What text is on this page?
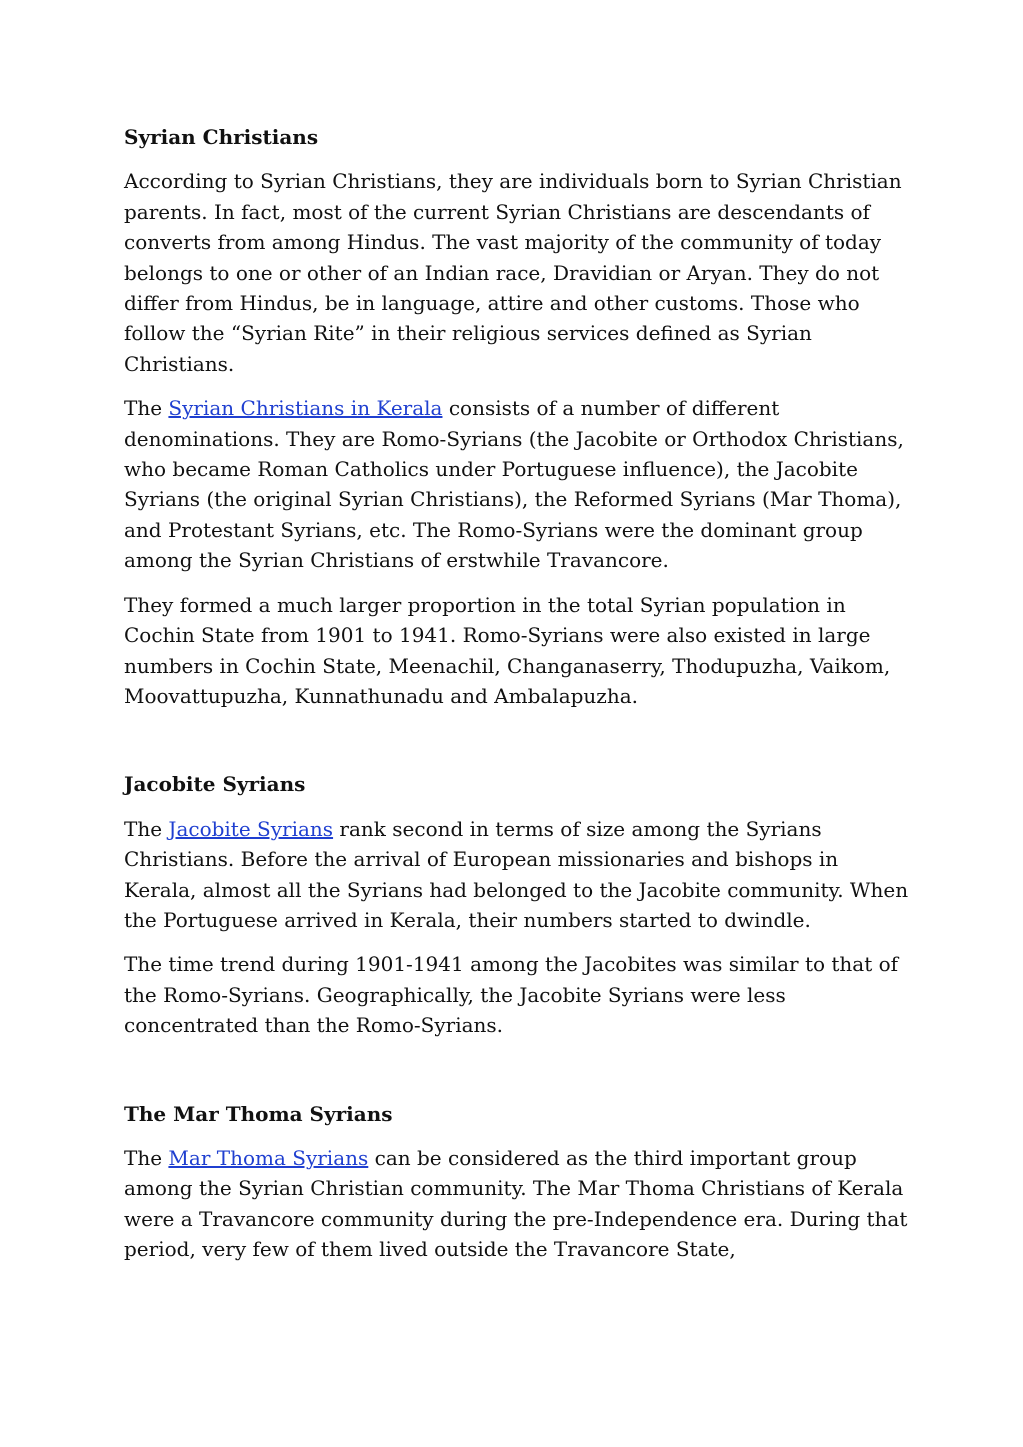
Syrian Christians

According to Syrian Christians, they are individuals born to Syrian Christian parents. In fact, most of the current Syrian Christians are descendants of converts from among Hindus. The vast majority of the community of today belongs to one or other of an Indian race, Dravidian or Aryan. They do not differ from Hindus, be in language, attire and other customs. Those who follow the “Syrian Rite” in their religious services defined as Syrian Christians.

The Syrian Christians in Kerala consists of a number of different denominations. They are Romo-Syrians (the Jacobite or Orthodox Christians, who became Roman Catholics under Portuguese influence), the Jacobite Syrians (the original Syrian Christians), the Reformed Syrians (Mar Thoma), and Protestant Syrians, etc. The Romo-Syrians were the dominant group among the Syrian Christians of erstwhile Travancore.

They formed a much larger proportion in the total Syrian population in Cochin State from 1901 to 1941. Romo-Syrians were also existed in large numbers in Cochin State, Meenachil, Changanaserry, Thodupuzha, Vaikom, Moovattupuzha, Kunnathunadu and Ambalapuzha.

Jacobite Syrians

The Jacobite Syrians rank second in terms of size among the Syrians Christians. Before the arrival of European missionaries and bishops in Kerala, almost all the Syrians had belonged to the Jacobite community. When the Portuguese arrived in Kerala, their numbers started to dwindle.

The time trend during 1901-1941 among the Jacobites was similar to that of the Romo-Syrians. Geographically, the Jacobite Syrians were less concentrated than the Romo-Syrians.

The Mar Thoma Syrians

The Mar Thoma Syrians can be considered as the third important group among the Syrian Christian community. The Mar Thoma Christians of Kerala were a Travancore community during the pre-Independence era. During that period, very few of them lived outside the Travancore State,
